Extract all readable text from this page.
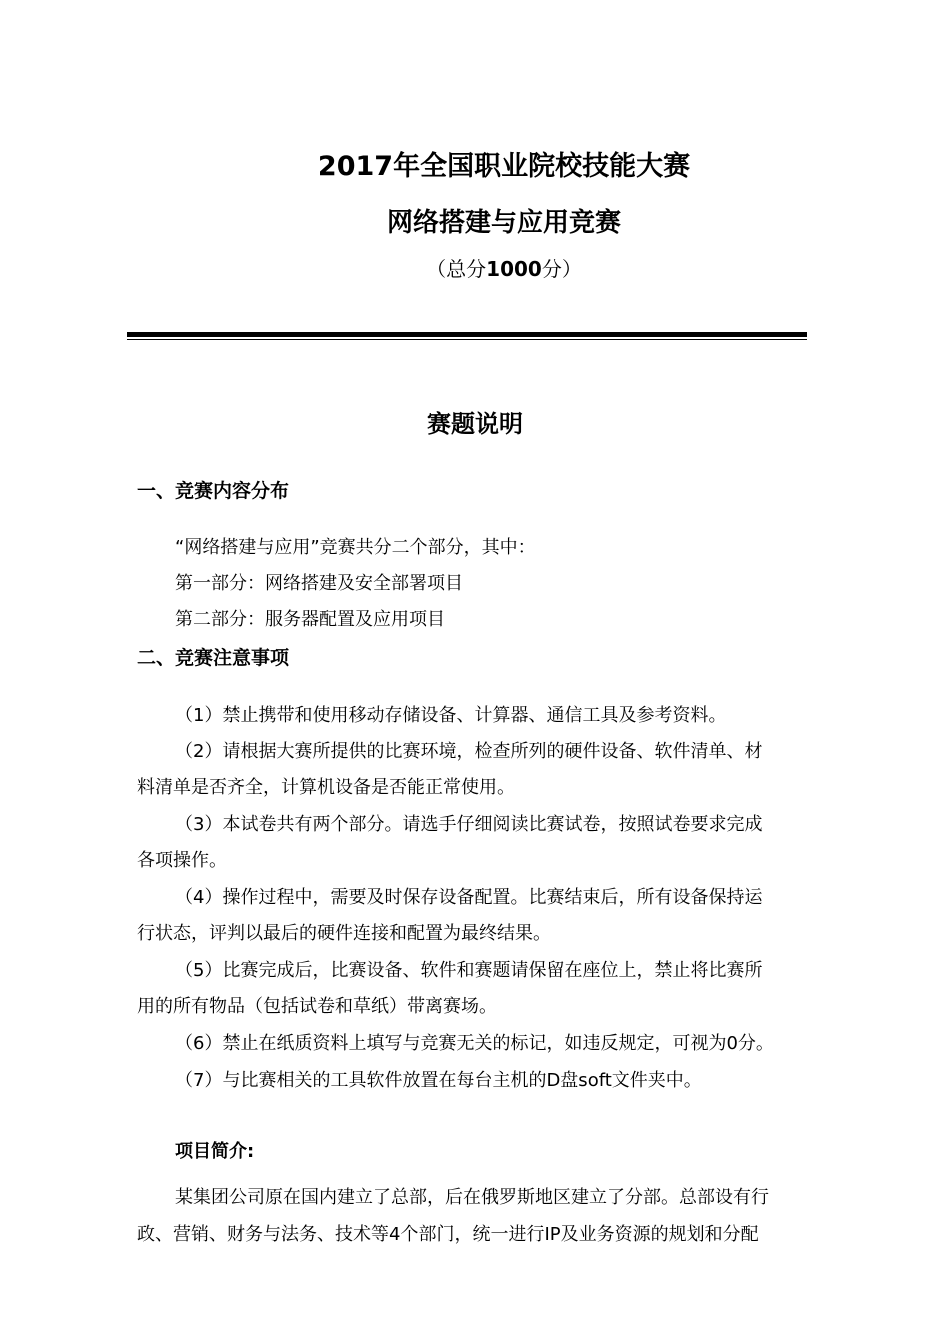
2017年全国职业院校技能大赛
网络搭建与应用竞赛
（总分1000分）
赛题说明
一、竞赛内容分布
“网络搭建与应用”竞赛共分二个部分，其中：
第一部分：网络搭建及安全部署项目
第二部分：服务器配置及应用项目
二、竞赛注意事项
（1）禁止携带和使用移动存储设备、计算器、通信工具及参考资料。
（2）请根据大赛所提供的比赛环境，检查所列的硬件设备、软件清单、材
料清单是否齐全，计算机设备是否能正常使用。
（3）本试卷共有两个部分。请选手仔细阅读比赛试卷，按照试卷要求完成
各项操作。
（4）操作过程中，需要及时保存设备配置。比赛结束后，所有设备保持运
行状态，评判以最后的硬件连接和配置为最终结果。
（5）比赛完成后，比赛设备、软件和赛题请保留在座位上，禁止将比赛所
用的所有物品（包括试卷和草纸）带离赛场。
（6）禁止在纸质资料上填写与竞赛无关的标记，如违反规定，可视为0分。
（7）与比赛相关的工具软件放置在每台主机的D盘soft文件夹中。
项目简介:
某集团公司原在国内建立了总部，后在俄罗斯地区建立了分部。总部设有行
政、营销、财务与法务、技术等4个部门，统一进行IP及业务资源的规划和分配
